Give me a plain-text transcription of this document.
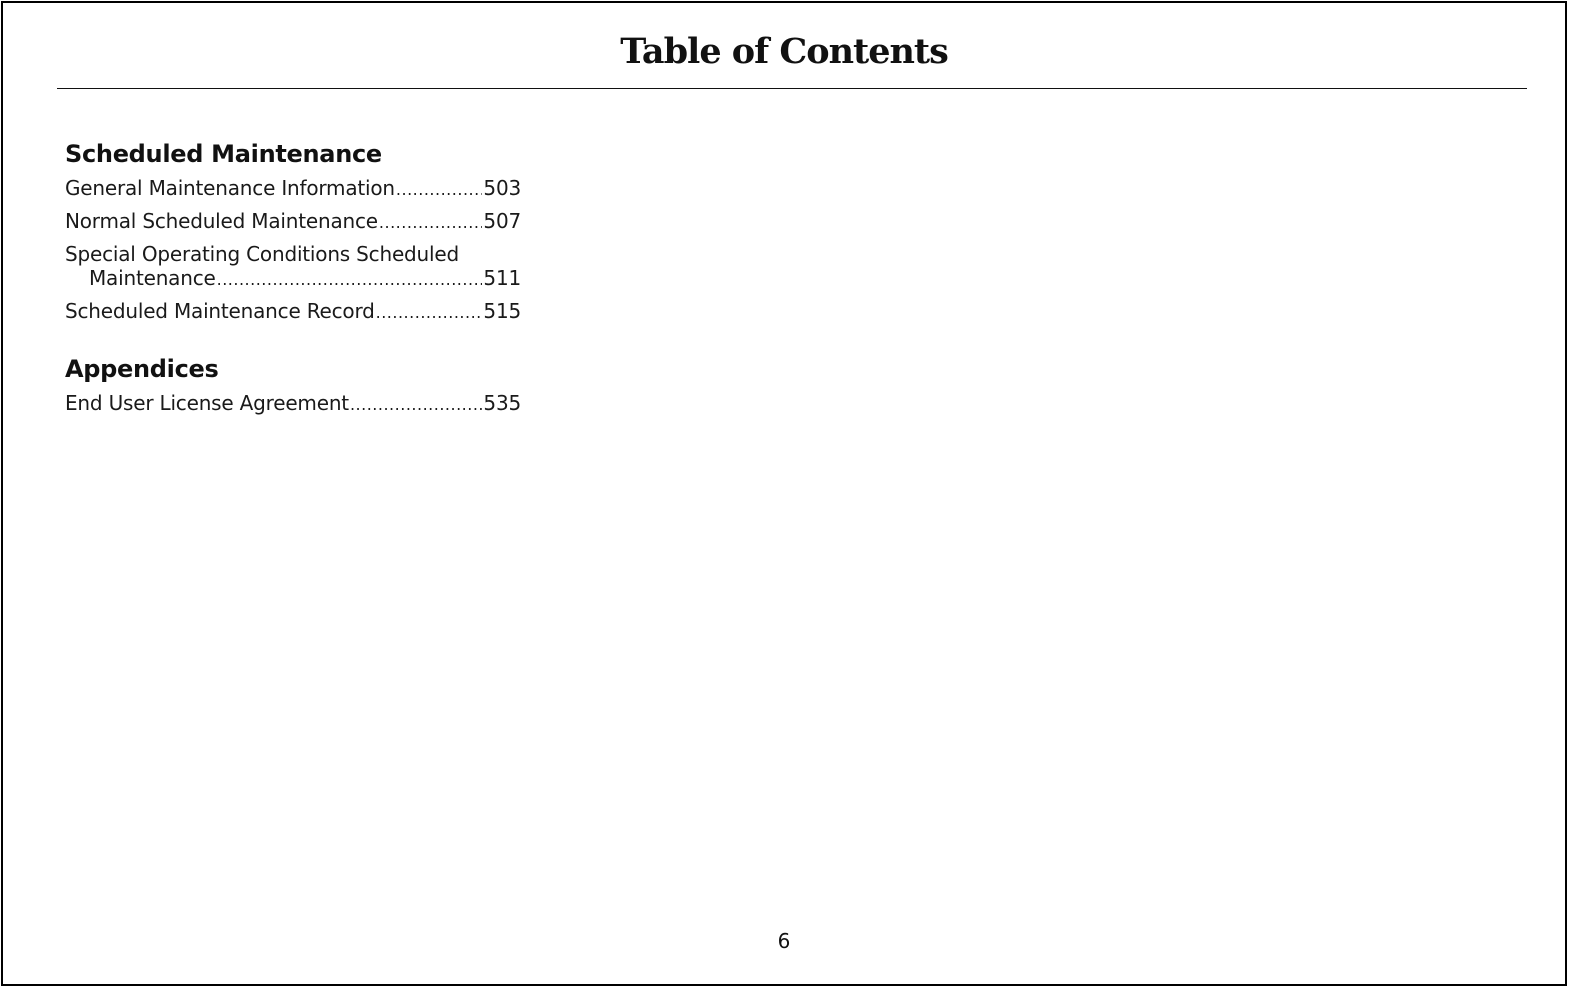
Table of Contents
Scheduled Maintenance
General Maintenance Information .....	503
Normal Scheduled Maintenance .....	507
Special Operating Conditions Scheduled
Maintenance .....	511
Scheduled Maintenance Record .....	515
Appendices
End User License Agreement .....	535
6
